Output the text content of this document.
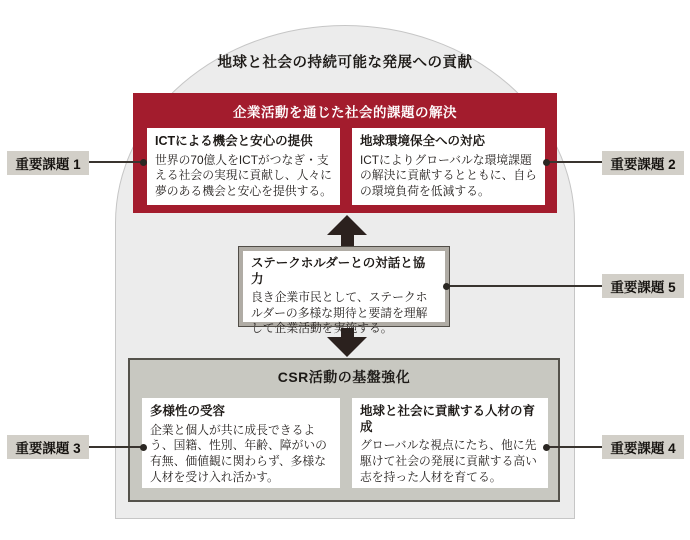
地球と社会の持続可能な発展への貢献
企業活動を通じた社会的課題の解決

ICTによる機会と安心の提供

世界の70億人をICTがつなぎ・支える社会の実現に貢献し、人々に夢のある機会と安心を提供する。

地球環境保全への対応

ICTによりグローバルな環境課題の解決に貢献するとともに、自らの環境負荷を低減する。

ステークホルダーとの対話と協力

良き企業市民として、ステークホルダーの多様な期待と要請を理解して企業活動を実施する。

CSR活動の基盤強化

多様性の受容

企業と個人が共に成長できるよう、国籍、性別、年齢、障がいの有無、価値観に関わらず、多様な人材を受け入れ活かす。

地球と社会に貢献する人材の育成

グローバルな視点にたち、他に先駆けて社会の発展に貢献する高い志を持った人材を育てる。

重要課題 1	重要課題 2
重要課題 3	重要課題 4
重要課題 5
